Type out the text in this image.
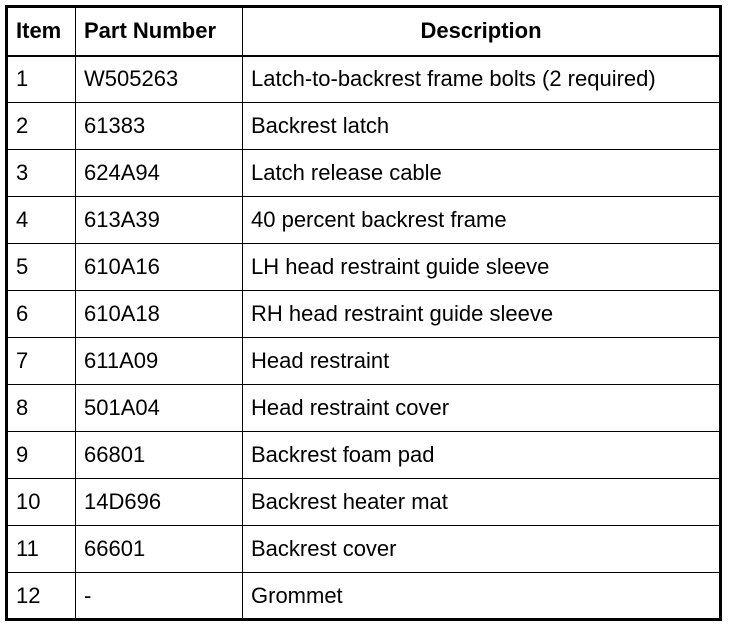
Item	Part Number	Description
1	W505263	Latch-to-backrest frame bolts (2 required)
2	61383	Backrest latch
3	624A94	Latch release cable
4	613A39	40 percent backrest frame
5	610A16	LH head restraint guide sleeve
6	610A18	RH head restraint guide sleeve
7	611A09	Head restraint
8	501A04	Head restraint cover
9	66801	Backrest foam pad
10	14D696	Backrest heater mat
11	66601	Backrest cover
12	-	Grommet
